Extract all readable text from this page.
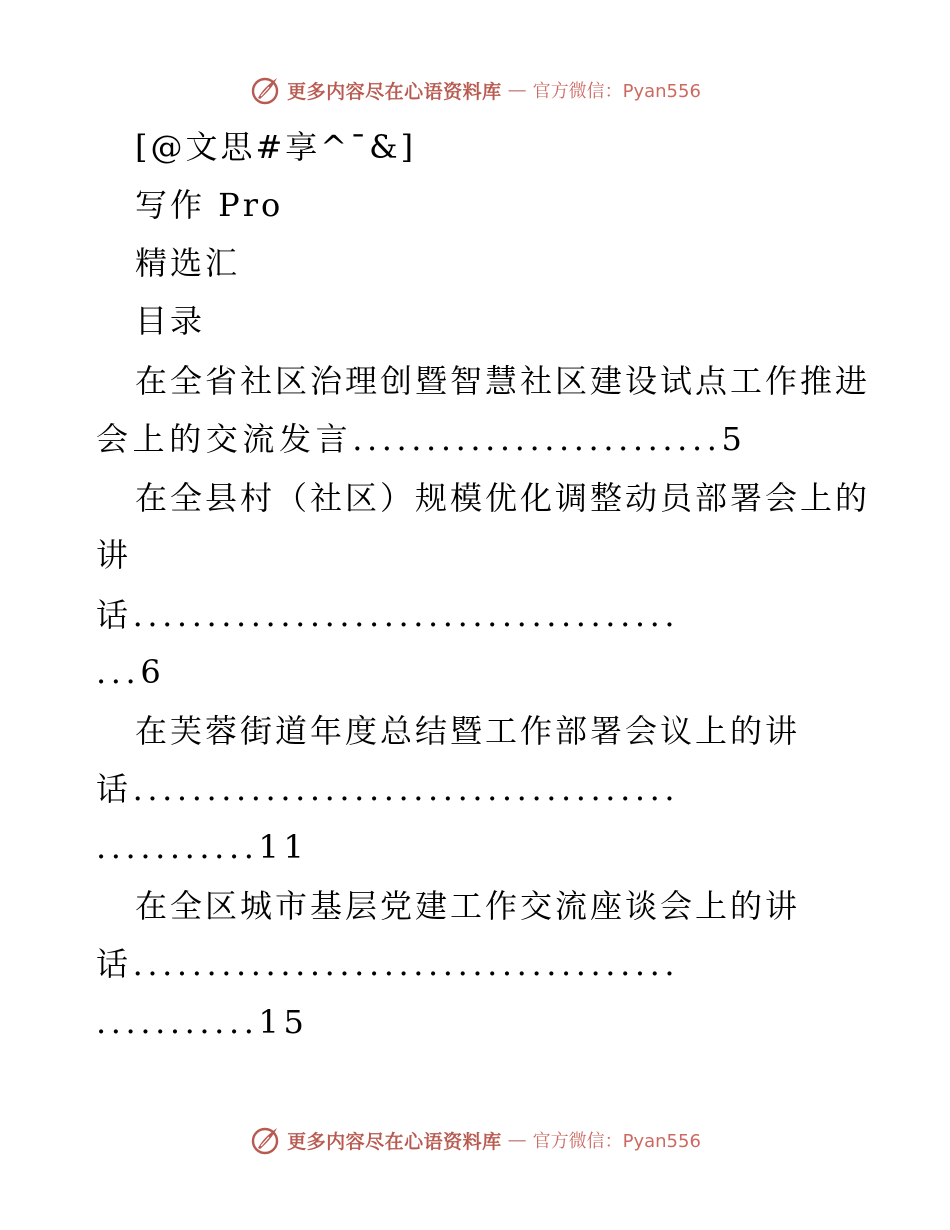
更多内容尽在心语资料库 — 官方微信：Pyan556
[@文思#享^¯&]
写作 Pro
精选汇
目录
在全省社区治理创暨智慧社区建设试点工作推进
会上的交流发言.........................5
在全县村（社区）规模优化调整动员部署会上的
讲
话.....................................
...6
在芙蓉街道年度总结暨工作部署会议上的讲
话.....................................
...........11
在全区城市基层党建工作交流座谈会上的讲
话.....................................
...........15
更多内容尽在心语资料库 — 官方微信：Pyan556
